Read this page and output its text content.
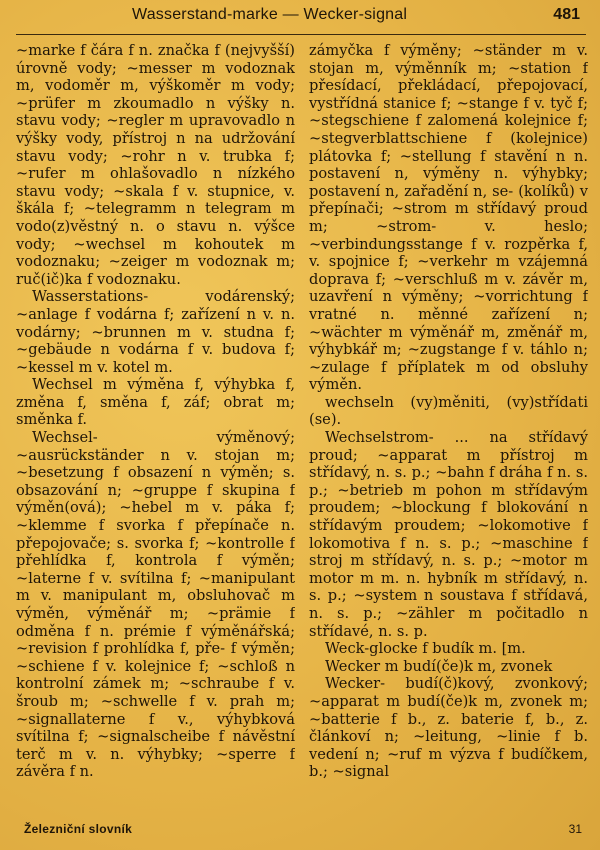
Wasserstand-marke — Wecker-signal	481

~marke f čára f n. značka f (nejvyšší) úrovně vody; ~messer m vodoznak m, vodoměr m, výškoměr m vody; ~prüfer m zkoumadlo n výšky n. stavu vody; ~regler m upravovadlo n výšky vody, přístroj n na udržování stavu vody; ~rohr n v. trubka f; ~rufer m ohlašovadlo n nízkého stavu vody; ~skala f v. stupnice, v. škála f; ~telegramm n telegram m vodo(z)věstný n. o stavu n. výšce vody; ~wechsel m kohoutek m vodoznaku; ~zeiger m vodoznak m; ruč(ič)ka f vodoznaku.

Wasserstations- vodárenský; ~anlage f vodárna f; zařízení n v. n. vodárny; ~brunnen m v. studna f; ~gebäude n vodárna f v. budova f; ~kessel m v. kotel m.

Wechsel m výměna f, výhybka f, změna f, směna f, záf; obrat m; směnka f.

Wechsel- výměnový; ~ausrückständer n v. stojan m; ~besetzung f obsazení n výměn; s. obsazování n; ~gruppe f skupina f výměn(ová); ~hebel m v. páka f; ~klemme f svorka f přepínače n. přepojovače; s. svorka f; ~kontrolle f přehlídka f, kontrola f výměn; ~laterne f v. svítilna f; ~manipulant m v. manipulant m, obsluhovač m výměn, výměnář m; ~prämie f odměna f n. prémie f výměnářská; ~revision f prohlídka f, pře- f výměn; ~schiene f v. kolejnice f; ~schloß n kontrolní zámek m; ~schraube f v. šroub m; ~schwelle f v. prah m; ~signallaterne f v., výhybková svítilna f; ~signalscheibe f návěstní terč m v. n. výhybky; ~sperre f závěra f n.

zámyčka f výměny; ~ständer m v. stojan m, výměnník m; ~station f přesídací, překládací, přepojovací, vystřídná stanice f; ~stange f v. tyč f; ~stegschiene f zalomená kolejnice f; ~stegverblattschiene f (kolejnice) plátovka f; ~stellung f stavění n n. postavení n, výměny n. výhybky; postavení n, zařadění n, se- (kolíků) v přepínači; ~strom m střídavý proud m; ~strom- v. heslo; ~verbindungsstange f v. rozpěrka f, v. spojnice f; ~verkehr m vzájemná doprava f; ~verschluß m v. závěr m, uzavření n výměny; ~vorrichtung f vratné n. měnné zařízení n; ~wächter m výměnář m, změnář m, výhybkář m; ~zugstange f v. táhlo n; ~zulage f příplatek m od obsluhy výměn.

wechseln (vy)měniti, (vy)střídati (se).

Wechselstrom- ... na střídavý proud; ~apparat m přístroj m střídavý, n. s. p.; ~bahn f dráha f n. s. p.; ~betrieb m pohon m střídavým proudem; ~blockung f blokování n střídavým proudem; ~lokomotive f lokomotiva f n. s. p.; ~maschine f stroj m střídavý, n. s. p.; ~motor m motor m m. n. hybník m střídavý, n. s. p.; ~system n soustava f střídavá, n. s. p.; ~zähler m počitadlo n střídavé, n. s. p.

Weck-glocke f budík m. [m.

Wecker m budí(če)k m, zvonek

Wecker- budí(č)kový, zvonkový; ~apparat m budí(če)k m, zvonek m; ~batterie f b., z. baterie f, b., z. článkoví n; ~leitung, ~linie f b. vedení n; ~ruf m výzva f budíčkem, b.; ~signal

Železniční slovník	31
